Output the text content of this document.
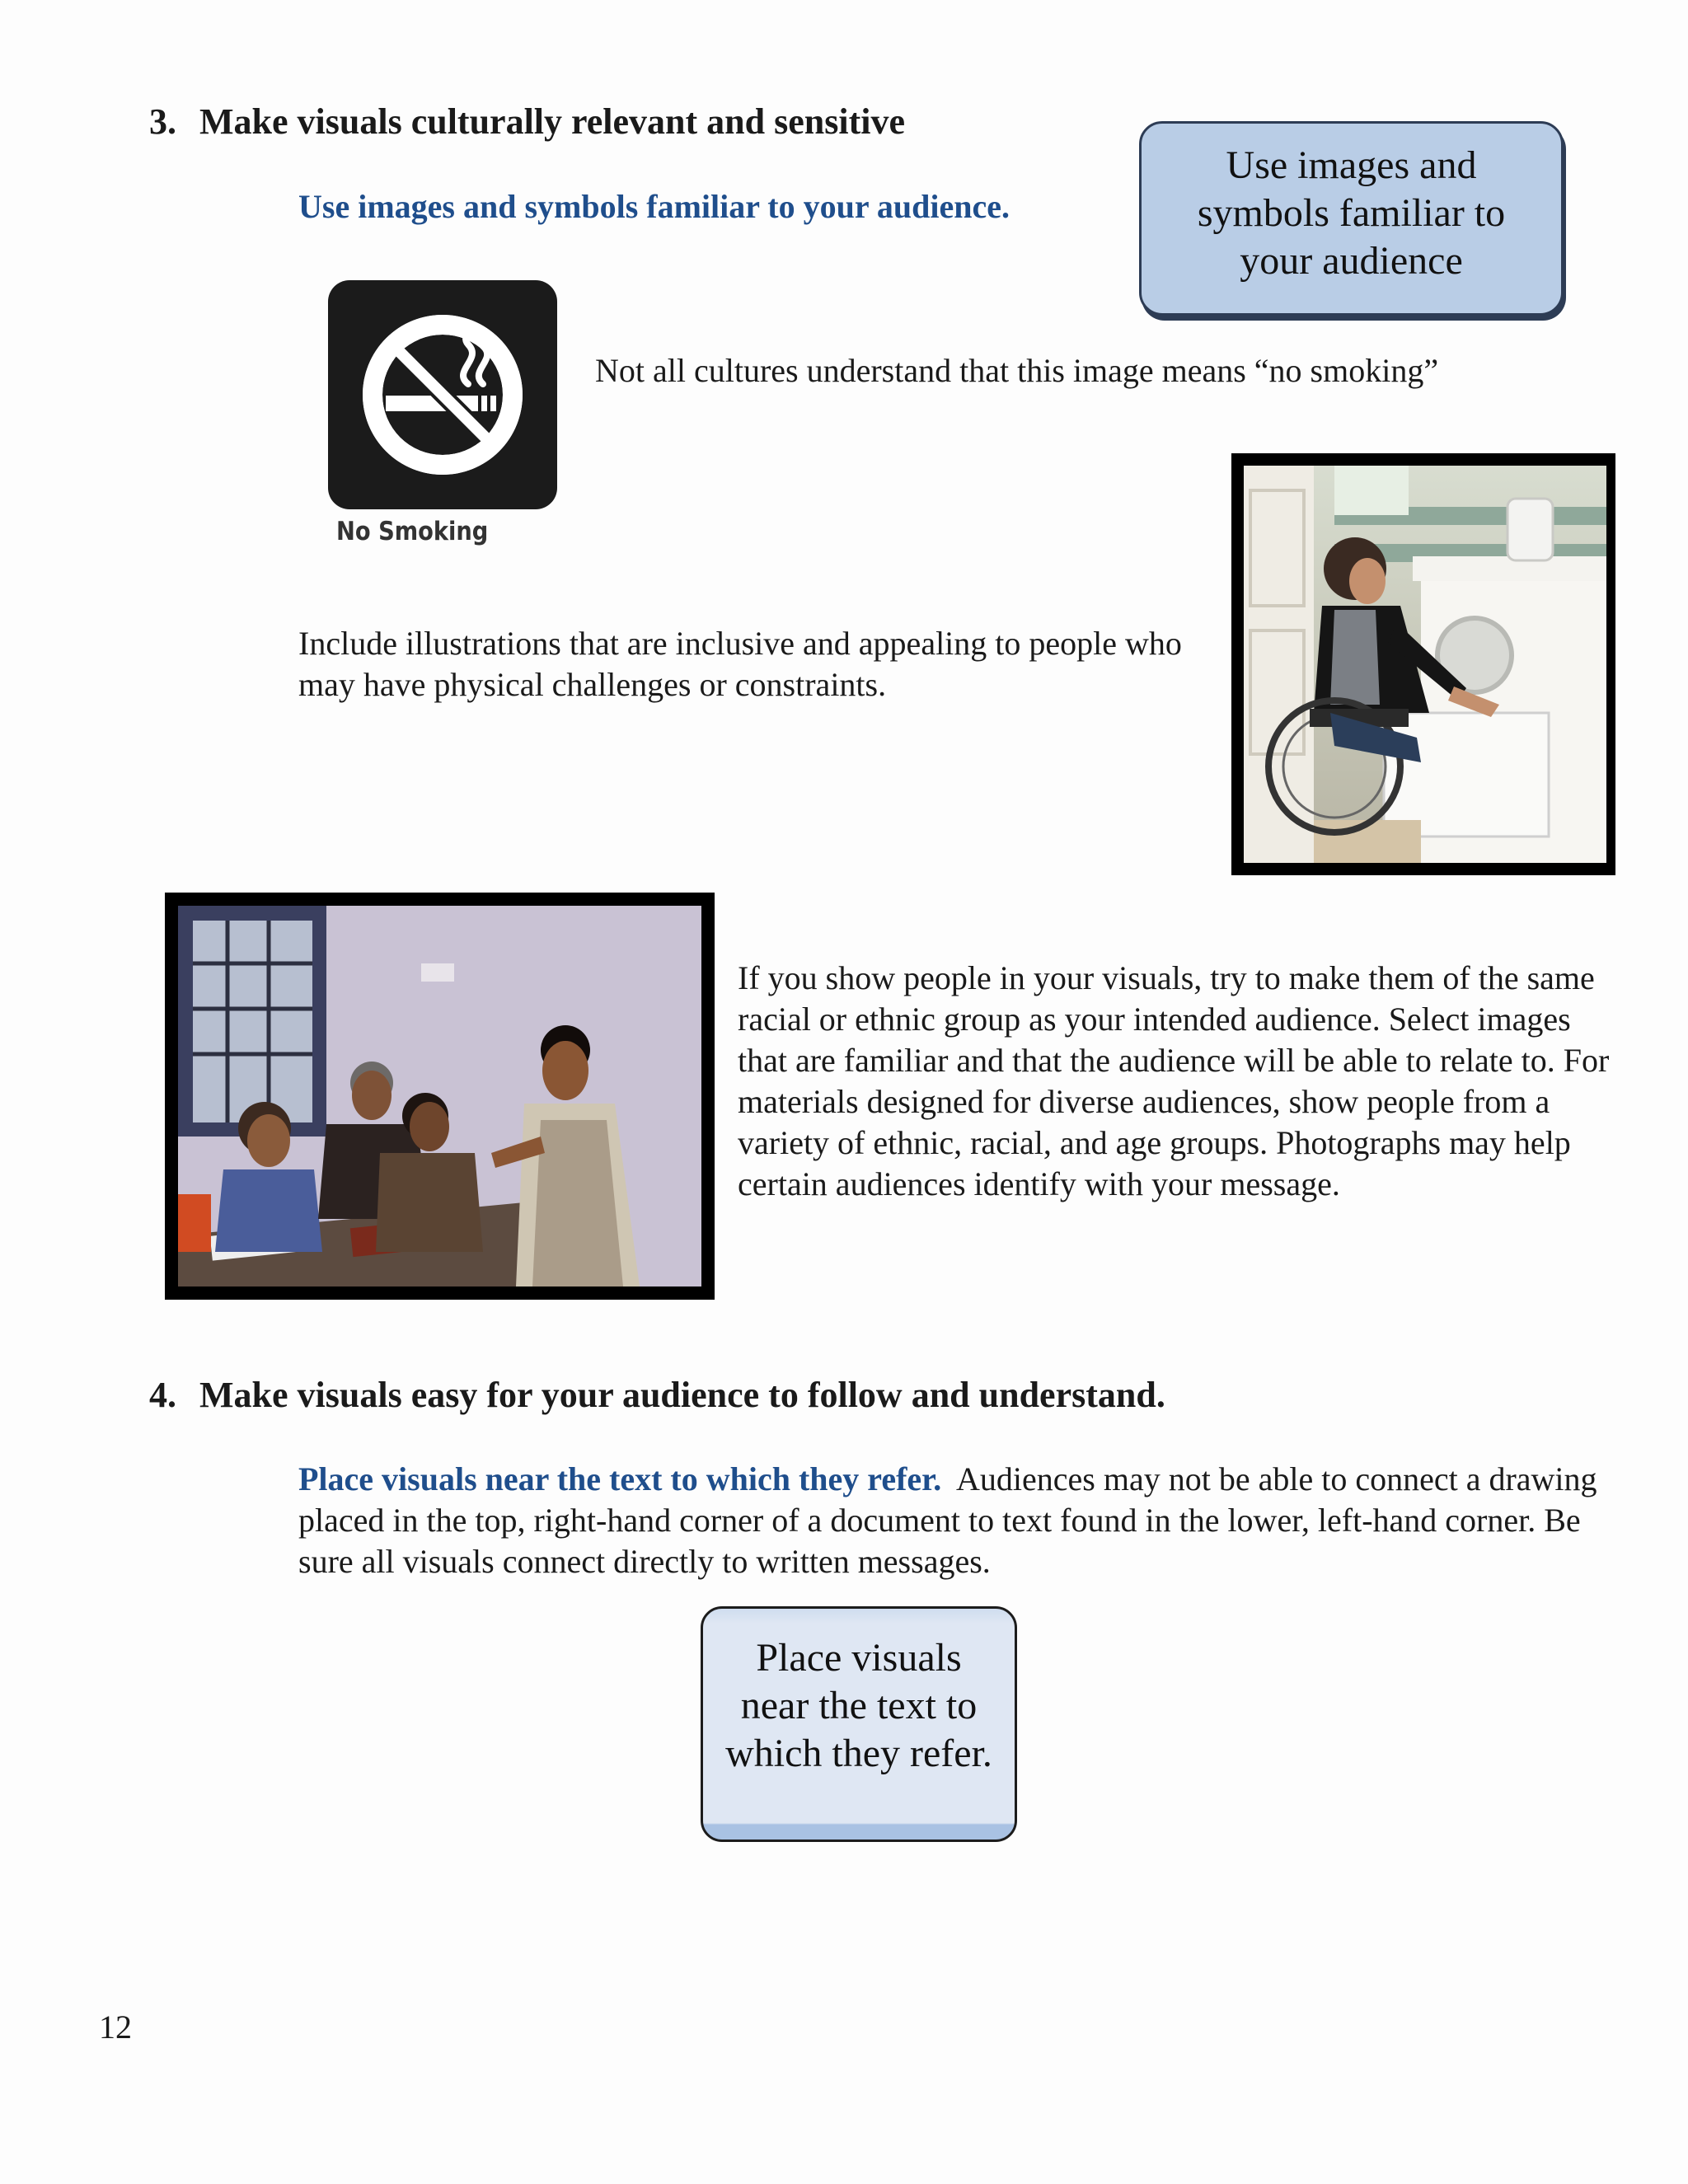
3. Make visuals culturally relevant and sensitive
Use images and symbols familiar to your audience.
Use images and symbols familiar to your audience
No Smoking
Not all cultures understand that this image means “no smoking”
Include illustrations that are inclusive and appealing to people who may have physical challenges or constraints.
If you show people in your visuals, try to make them of the same racial or ethnic group as your intended audience. Select images that are familiar and that the audience will be able to relate to. For materials designed for diverse audiences, show people from a variety of ethnic, racial, and age groups. Photographs may help certain audiences identify with your message.
4. Make visuals easy for your audience to follow and understand.
Place visuals near the text to which they refer. Audiences may not be able to connect a drawing placed in the top, right-hand corner of a document to text found in the lower, left-hand corner. Be sure all visuals connect directly to written messages.
Place visuals near the text to which they refer.
12
